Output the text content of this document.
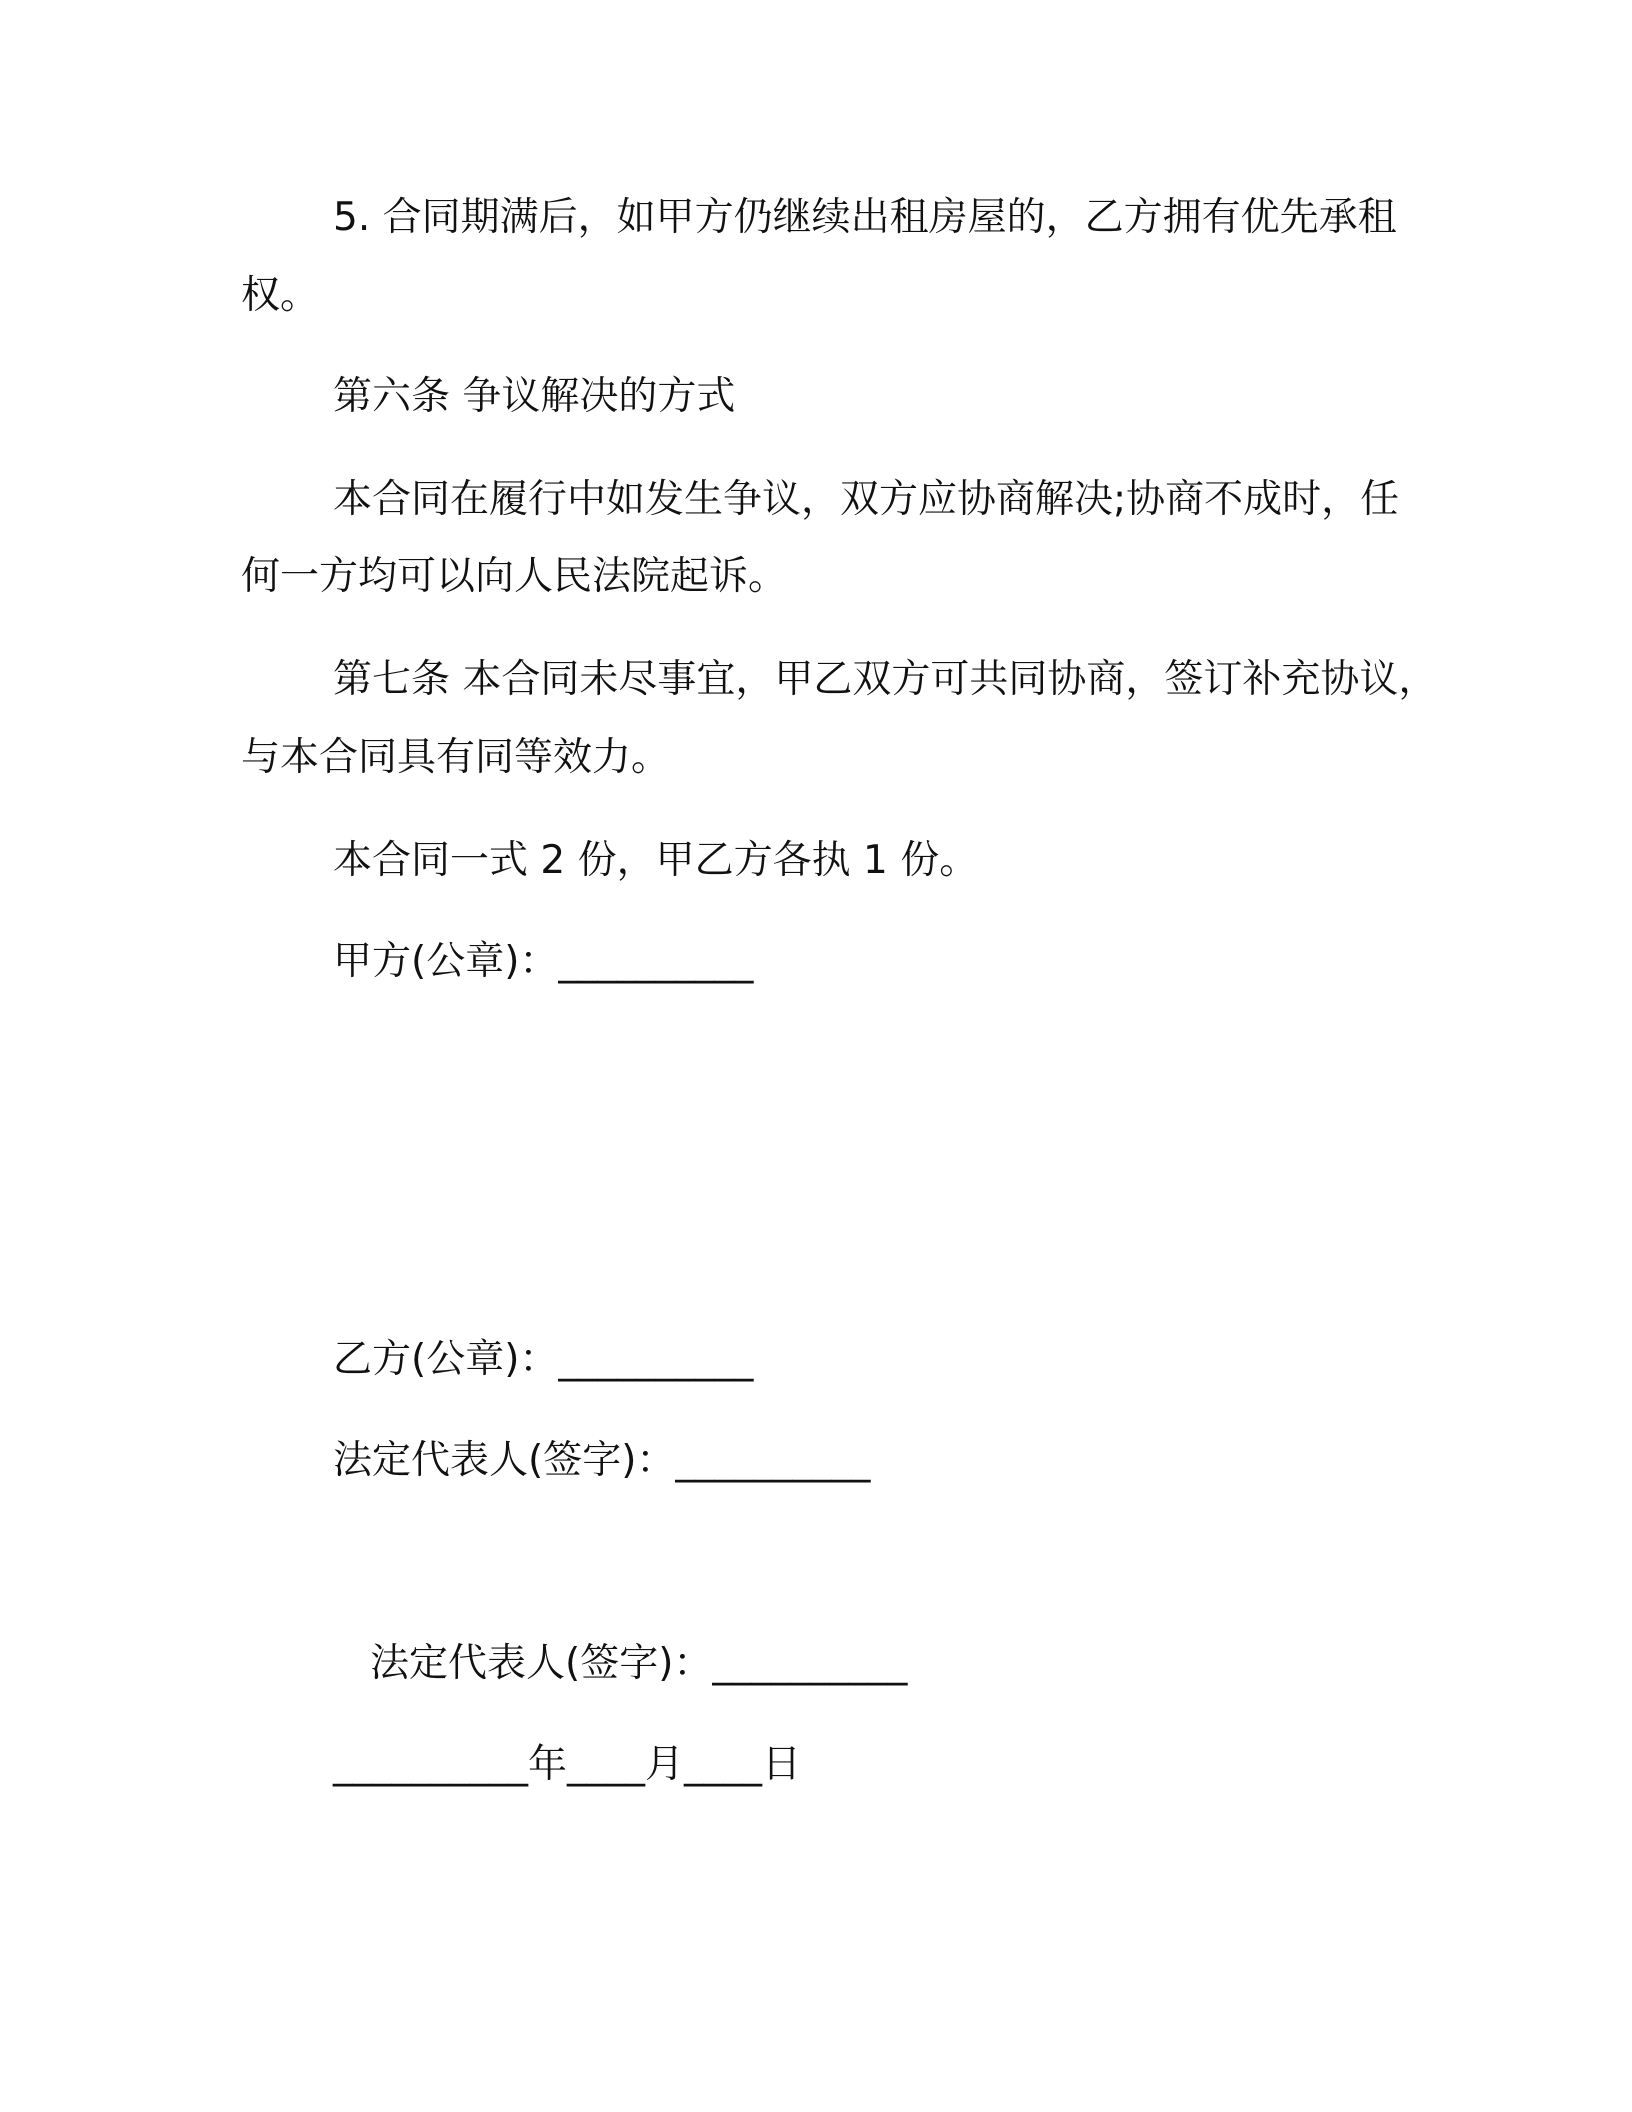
5. 合同期满后，如甲方仍继续出租房屋的，乙方拥有优先承租
权。
第六条 争议解决的方式
本合同在履行中如发生争议，双方应协商解决;协商不成时，任
何一方均可以向人民法院起诉。
第七条 本合同未尽事宜，甲乙双方可共同协商，签订补充协议，
与本合同具有同等效力。
本合同一式 2 份，甲乙方各执 1 份。
甲方(公章)：__________
乙方(公章)：__________
法定代表人(签字)：__________
法定代表人(签字)：__________
__________年____月____日
